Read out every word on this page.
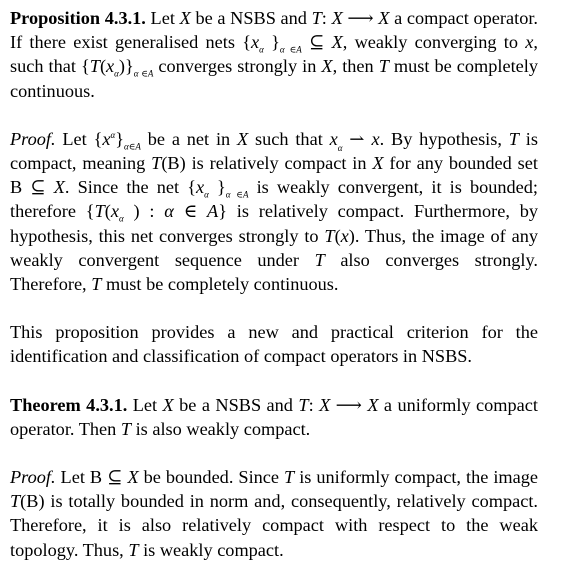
Proposition 4.3.1. Let X be a NSBS and T: X ⟶ X a compact operator. If there exist generalised nets {$x_\alpha$ }$_{\alpha \in A}$ ⊆ X, weakly converging to x, such that $\{T(x_\alpha)\}_{\alpha \in A}$ converges strongly in X, then T must be completely continuous.

Proof. Let $\{x^\alpha\}_{\alpha\in A}$ be a net in X such that $x_\alpha$ ⇀ x. By hypothesis, T is compact, meaning T(B) is relatively compact in X for any bounded set B ⊆ X. Since the net {$x_\alpha$ }$_{\alpha \in A}$ is weakly convergent, it is bounded; therefore {$T(x_\alpha$ ) : α ∈ A} is relatively compact. Furthermore, by hypothesis, this net converges strongly to T(x). Thus, the image of any weakly convergent sequence under T also converges strongly. Therefore, T must be completely continuous.

This proposition provides a new and practical criterion for the identification and classification of compact operators in NSBS.

Theorem 4.3.1. Let X be a NSBS and T: X ⟶ X a uniformly compact operator. Then T is also weakly compact.

Proof. Let B ⊆ X be bounded. Since T is uniformly compact, the image T(B) is totally bounded in norm and, consequently, relatively compact. Therefore, it is also relatively compact with respect to the weak topology. Thus, T is weakly compact.
